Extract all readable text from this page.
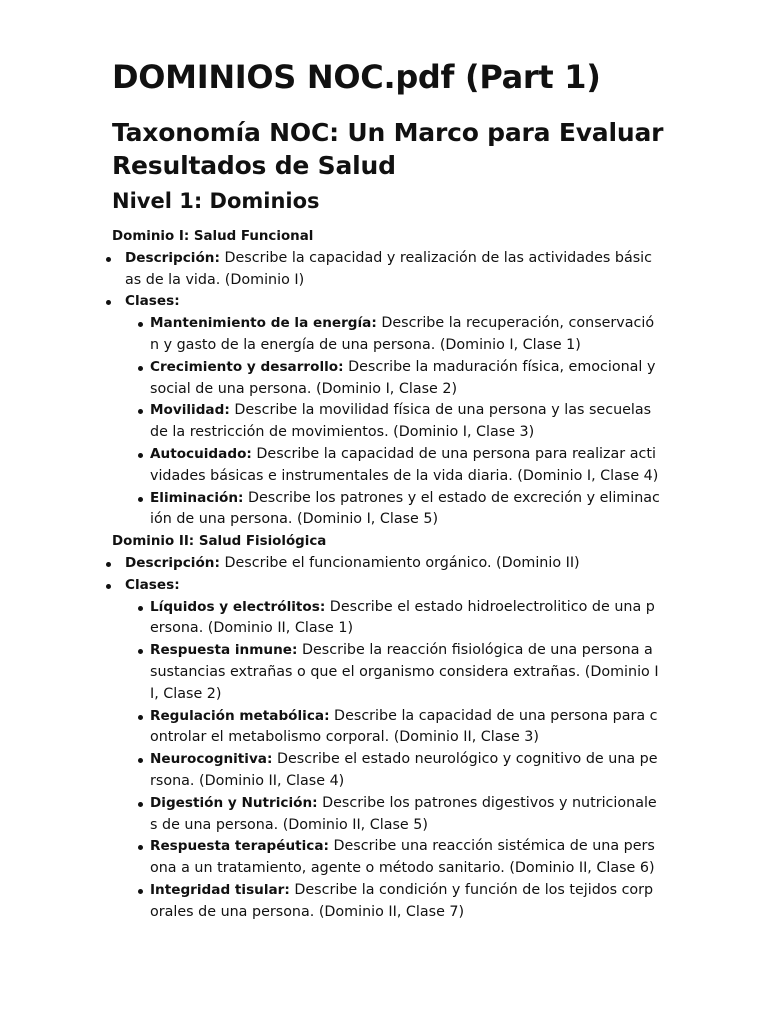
DOMINIOS NOC.pdf (Part 1)
Taxonomía NOC: Un Marco para Evaluar Resultados de Salud
Nivel 1: Dominios
Dominio I: Salud Funcional
Descripción: Describe la capacidad y realización de las actividades básicas de la vida. (Dominio I)
Clases:
Mantenimiento de la energía: Describe la recuperación, conservación y gasto de la energía de una persona. (Dominio I, Clase 1)
Crecimiento y desarrollo: Describe la maduración física, emocional y social de una persona. (Dominio I, Clase 2)
Movilidad: Describe la movilidad física de una persona y las secuelas de la restricción de movimientos. (Dominio I, Clase 3)
Autocuidado: Describe la capacidad de una persona para realizar actividades básicas e instrumentales de la vida diaria. (Dominio I, Clase 4)
Eliminación: Describe los patrones y el estado de excreción y eliminación de una persona. (Dominio I, Clase 5)
Dominio II: Salud Fisiológica
Descripción: Describe el funcionamiento orgánico. (Dominio II)
Clases:
Líquidos y electrólitos: Describe el estado hidroelectrolitico de una persona. (Dominio II, Clase 1)
Respuesta inmune: Describe la reacción fisiológica de una persona a sustancias extrañas o que el organismo considera extrañas. (Dominio II, Clase 2)
Regulación metabólica: Describe la capacidad de una persona para controlar el metabolismo corporal. (Dominio II, Clase 3)
Neurocognitiva: Describe el estado neurológico y cognitivo de una persona. (Dominio II, Clase 4)
Digestión y Nutrición: Describe los patrones digestivos y nutricionales de una persona. (Dominio II, Clase 5)
Respuesta terapéutica: Describe una reacción sistémica de una persona a un tratamiento, agente o método sanitario. (Dominio II, Clase 6)
Integridad tisular: Describe la condición y función de los tejidos corporales de una persona. (Dominio II, Clase 7)
